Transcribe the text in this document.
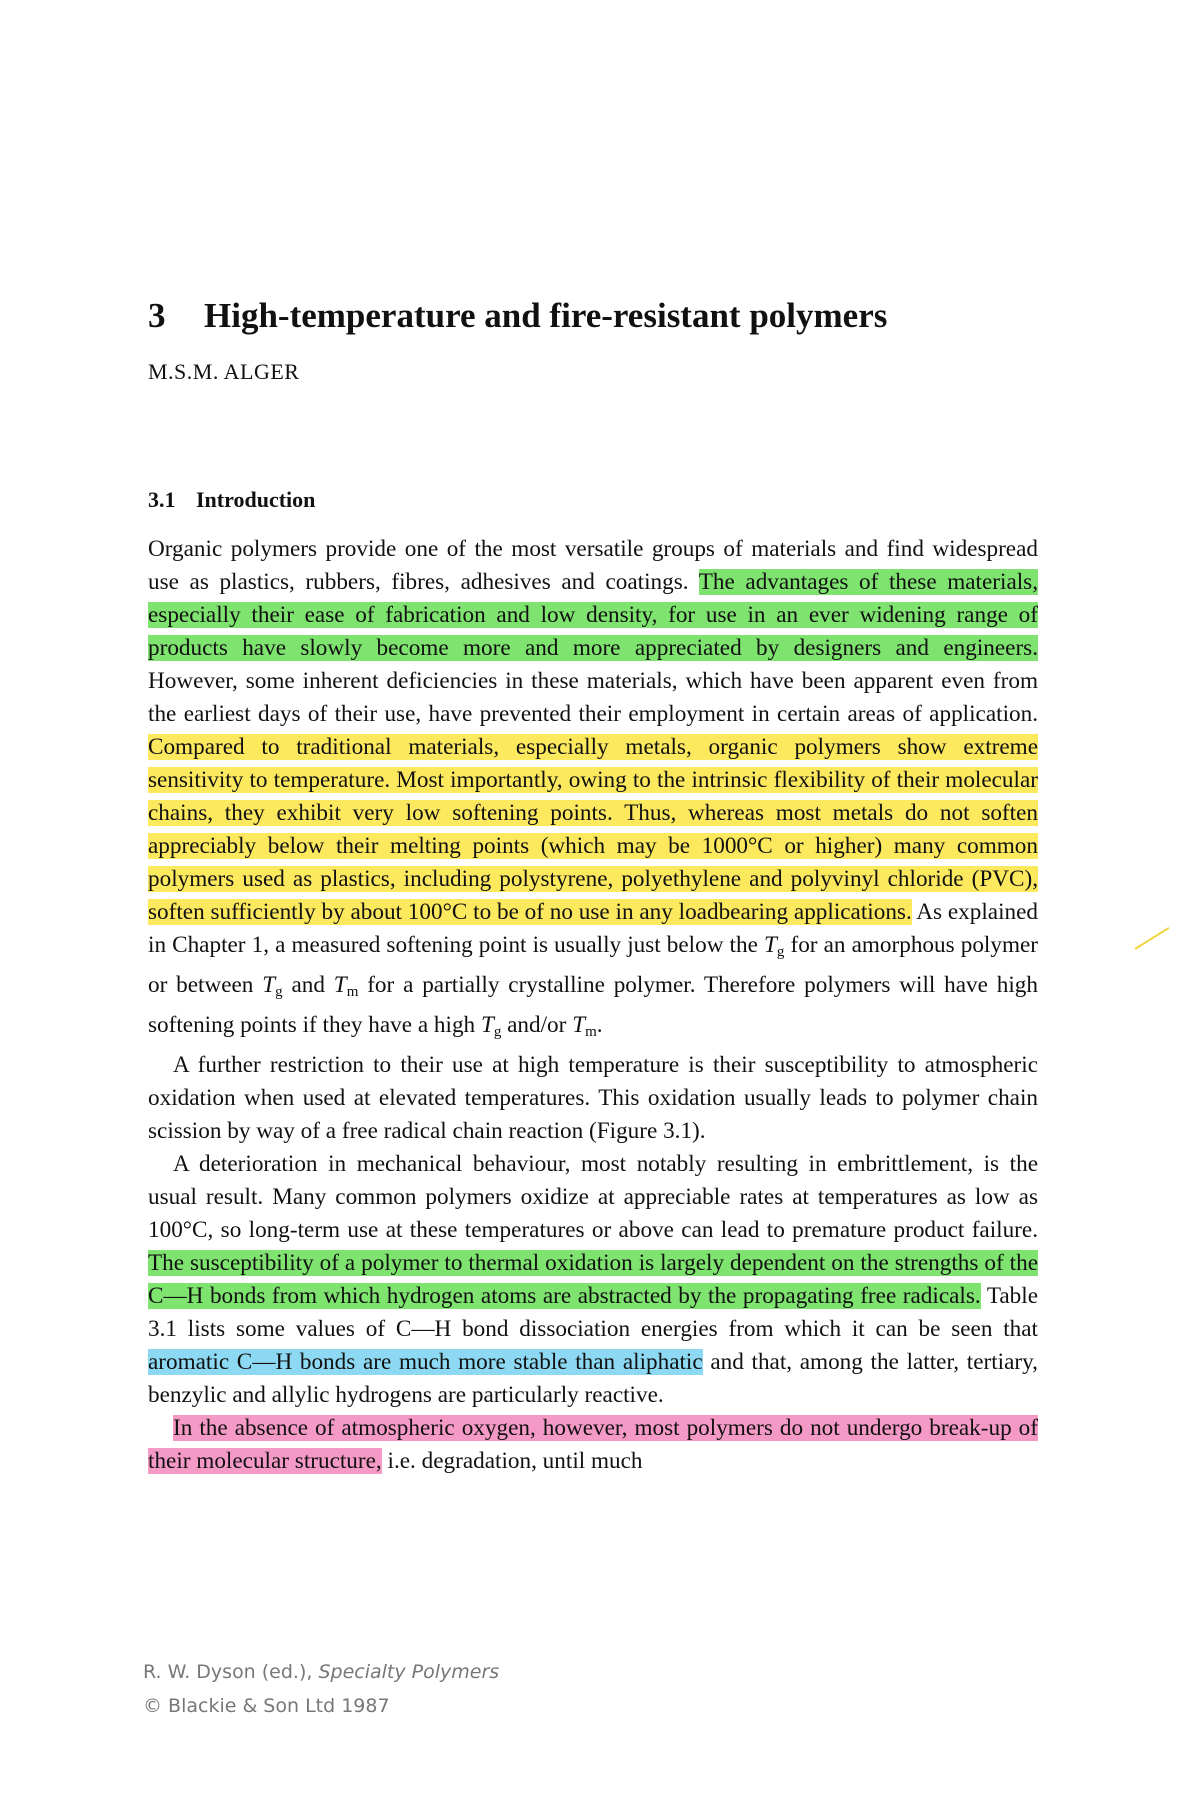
3 High-temperature and fire-resistant polymers
M.S.M. ALGER
3.1 Introduction

Organic polymers provide one of the most versatile groups of materials and find widespread use as plastics, rubbers, fibres, adhesives and coatings. The advantages of these materials, especially their ease of fabrication and low density, for use in an ever widening range of products have slowly become more and more appreciated by designers and engineers. However, some inherent deficiencies in these materials, which have been apparent even from the earliest days of their use, have prevented their employment in certain areas of application. Compared to traditional materials, especially metals, organic polymers show extreme sensitivity to temperature. Most importantly, owing to the intrinsic flexibility of their molecular chains, they exhibit very low softening points. Thus, whereas most metals do not soften appreciably below their melting points (which may be 1000°C or higher) many common polymers used as plastics, including polystyrene, polyethylene and polyvinyl chloride (PVC), soften sufficiently by about 100°C to be of no use in any loadbearing applications. As explained in Chapter 1, a measured softening point is usually just below the $T_g$ for an amorphous polymer or between $T_g$ and $T_m$ for a partially crystalline polymer. Therefore polymers will have high softening points if they have a high $T_g$ and/or $T_m$.

A further restriction to their use at high temperature is their susceptibility to atmospheric oxidation when used at elevated temperatures. This oxidation usually leads to polymer chain scission by way of a free radical chain reaction (Figure 3.1).

A deterioration in mechanical behaviour, most notably resulting in embrittlement, is the usual result. Many common polymers oxidize at appreciable rates at temperatures as low as 100°C, so long-term use at these temperatures or above can lead to premature product failure. The susceptibility of a polymer to thermal oxidation is largely dependent on the strengths of the C—H bonds from which hydrogen atoms are abstracted by the propagating free radicals. Table 3.1 lists some values of C—H bond dissociation energies from which it can be seen that aromatic C—H bonds are much more stable than aliphatic and that, among the latter, tertiary, benzylic and allylic hydrogens are particularly reactive.

In the absence of atmospheric oxygen, however, most polymers do not undergo break-up of their molecular structure, i.e. degradation, until much

R. W. Dyson (ed.), Specialty Polymers
© Blackie & Son Ltd 1987
